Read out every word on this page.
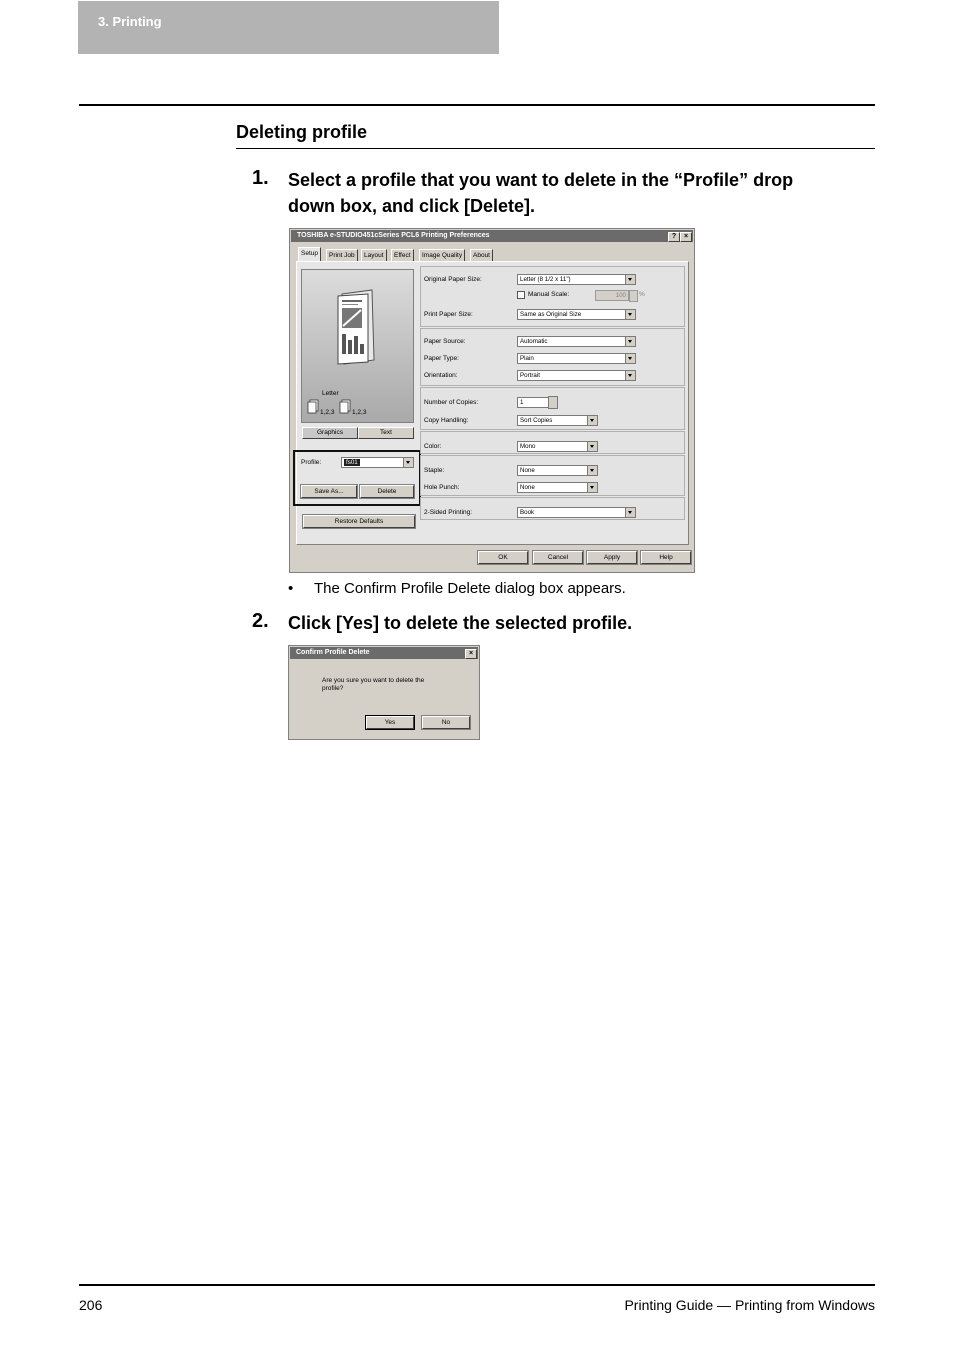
3. Printing
Deleting profile
1. Select a profile that you want to delete in the “Profile” drop
down box, and click [Delete].
TOSHIBA e-STUDIO451cSeries PCL6 Printing Preferences	?	×
Setup	Print Job	Layout	Effect	Image Quality	About
Letter
1,2,3	1,2,3
Graphics	Text
Profile:	fs01
Save As...	Delete
Restore Defaults
Original Paper Size:	Letter (8 1/2 x 11")
Manual Scale:	100	%
Print Paper Size:	Same as Original Size
Paper Source:	Automatic
Paper Type:	Plain
Orientation:	Portrait
Number of Copies:	1
Copy Handling:	Sort Copies
Color:	Mono
Staple:	None
Hole Punch:	None
2-Sided Printing:	Book
OK	Cancel	Apply	Help
• The Confirm Profile Delete dialog box appears.
2. Click [Yes] to delete the selected profile.
Confirm Profile Delete	×
Are you sure you want to delete the
profile?
Yes	No
206	Printing Guide — Printing from Windows
